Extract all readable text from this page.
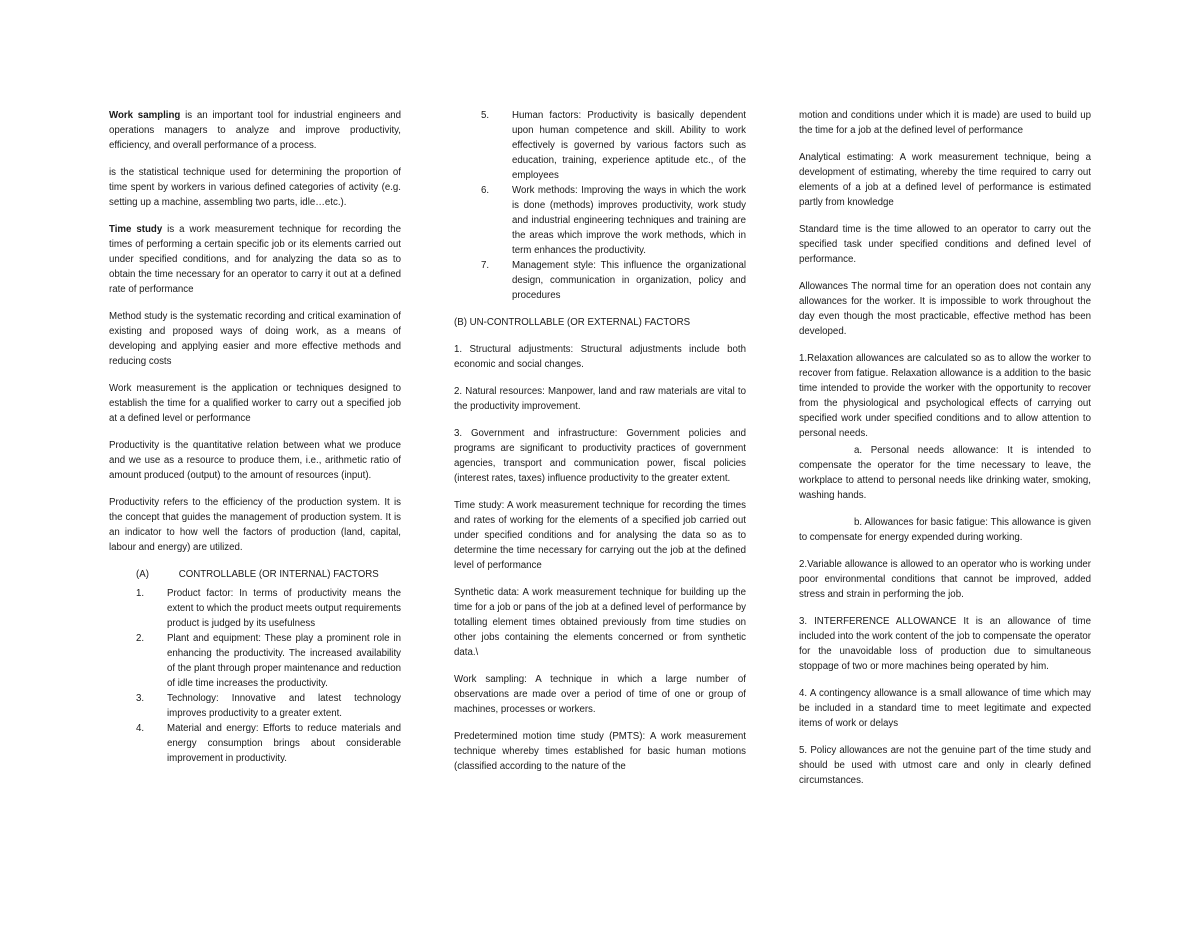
Work sampling is an important tool for industrial engineers and operations managers to analyze and improve productivity, efficiency, and overall performance of a process.

is the statistical technique used for determining the proportion of time spent by workers in various defined categories of activity (e.g. setting up a machine, assembling two parts, idle…etc.).

Time study is a work measurement technique for recording the times of performing a certain specific job or its elements carried out under specified conditions, and for analyzing the data so as to obtain the time necessary for an operator to carry it out at a defined rate of performance

Method study is the systematic recording and critical examination of existing and proposed ways of doing work, as a means of developing and applying easier and more effective methods and reducing costs

Work measurement is the application or techniques designed to establish the time for a qualified worker to carry out a specified job at a defined level or performance

Productivity is the quantitative relation between what we produce and we use as a resource to produce them, i.e., arithmetic ratio of amount produced (output) to the amount of resources (input).

Productivity refers to the efficiency of the production system. It is the concept that guides the management of production system. It is an indicator to how well the factors of production (land, capital, labour and energy) are utilized.

(A)	CONTROLLABLE (OR INTERNAL) FACTORS
1. Product factor: In terms of productivity means the extent to which the product meets output requirements product is judged by its usefulness
2. Plant and equipment: These play a prominent role in enhancing the productivity. The increased availability of the plant through proper maintenance and reduction of idle time increases the productivity.
3. Technology: Innovative and latest technology improves productivity to a greater extent.
4. Material and energy: Efforts to reduce materials and energy consumption brings about considerable improvement in productivity.
5. Human factors: Productivity is basically dependent upon human competence and skill. Ability to work effectively is governed by various factors such as education, training, experience aptitude etc., of the employees
6. Work methods: Improving the ways in which the work is done (methods) improves productivity, work study and industrial engineering techniques and training are the areas which improve the work methods, which in term enhances the productivity.
7. Management style: This influence the organizational design, communication in organization, policy and procedures

(B) UN-CONTROLLABLE (OR EXTERNAL) FACTORS

1. Structural adjustments: Structural adjustments include both economic and social changes.

2. Natural resources: Manpower, land and raw materials are vital to the productivity improvement.

3. Government and infrastructure: Government policies and programs are significant to productivity practices of government agencies, transport and communication power, fiscal policies (interest rates, taxes) influence productivity to the greater extent.

Time study: A work measurement technique for recording the times and rates of working for the elements of a specified job carried out under specified conditions and for analysing the data so as to determine the time necessary for carrying out the job at the defined level of performance

Synthetic data: A work measurement technique for building up the time for a job or pans of the job at a defined level of performance by totalling element times obtained previously from time studies on other jobs containing the elements concerned or from synthetic data.\

Work sampling: A technique in which a large number of observations are made over a period of time of one or group of machines, processes or workers.

Predetermined motion time study (PMTS): A work measurement technique whereby times established for basic human motions (classified according to the nature of the

motion and conditions under which it is made) are used to build up the time for a job at the defined level of performance

Analytical estimating: A work measurement technique, being a development of estimating, whereby the time required to carry out elements of a job at a defined level of performance is estimated partly from knowledge

Standard time is the time allowed to an operator to carry out the specified task under specified conditions and defined level of performance.

Allowances The normal time for an operation does not contain any allowances for the worker. It is impossible to work throughout the day even though the most practicable, effective method has been developed.

1.Relaxation allowances are calculated so as to allow the worker to recover from fatigue. Relaxation allowance is a addition to the basic time intended to provide the worker with the opportunity to recover from the physiological and psychological effects of carrying out specified work under specified conditions and to allow attention to personal needs.

a. Personal needs allowance: It is intended to compensate the operator for the time necessary to leave, the workplace to attend to personal needs like drinking water, smoking, washing hands.

b. Allowances for basic fatigue: This allowance is given to compensate for energy expended during working.

2.Variable allowance is allowed to an operator who is working under poor environmental conditions that cannot be improved, added stress and strain in performing the job.

3. INTERFERENCE ALLOWANCE It is an allowance of time included into the work content of the job to compensate the operator for the unavoidable loss of production due to simultaneous stoppage of two or more machines being operated by him.

4. A contingency allowance is a small allowance of time which may be included in a standard time to meet legitimate and expected items of work or delays

5. Policy allowances are not the genuine part of the time study and should be used with utmost care and only in clearly defined circumstances.
